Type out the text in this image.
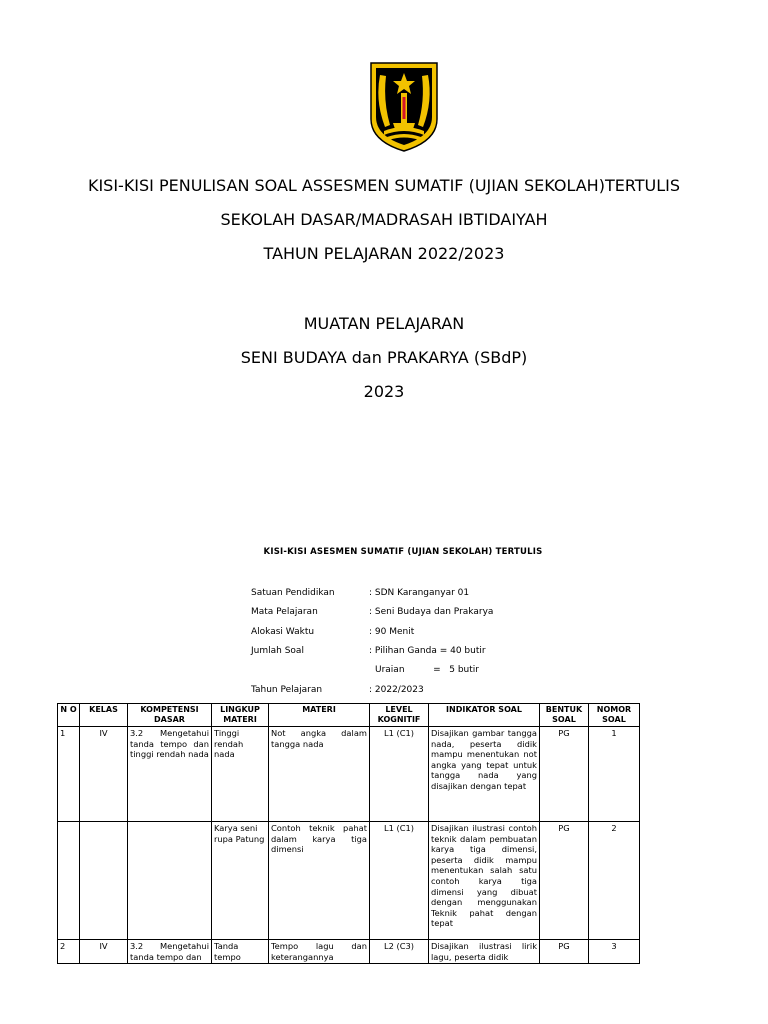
KISI-KISI PENULISAN SOAL ASSESMEN SUMATIF (UJIAN SEKOLAH)TERTULIS
SEKOLAH DASAR/MADRASAH IBTIDAIYAH
TAHUN PELAJARAN 2022/2023
MUATAN PELAJARAN
SENI BUDAYA dan PRAKARYA (SBdP)
2023
KISI-KISI ASESMEN SUMATIF (UJIAN SEKOLAH) TERTULIS
Satuan Pendidikan	: SDN Karanganyar 01
Mata Pelajaran	: Seni Budaya dan Prakarya
Alokasi Waktu	: 90 Menit
Jumlah Soal	: Pilihan Ganda = 40 butir
Uraian          =   5 butir
Tahun Pelajaran	: 2022/2023
N O	KELAS	KOMPETENSI DASAR	LINGKUP MATERI	MATERI	LEVEL KOGNITIF	INDIKATOR SOAL	BENTUK SOAL	NOMOR SOAL
1	IV	3.2 Mengetahui tanda tempo dan tinggi rendah nada	Tinggi rendah nada	Not angka dalam tangga nada	L1 (C1)	Disajikan gambar tangga nada, peserta didik mampu menentukan not angka yang tepat untuk tangga nada yang disajikan dengan tepat	PG	1
			Karya seni rupa Patung	Contoh teknik pahat dalam karya tiga dimensi	L1 (C1)	Disajikan ilustrasi contoh teknik dalam pembuatan karya tiga dimensi, peserta didik mampu menentukan salah satu contoh karya tiga dimensi yang dibuat dengan menggunakan Teknik pahat dengan tepat	PG	2
2	IV	3.2 Mengetahui tanda tempo dan	Tanda tempo	Tempo lagu dan keterangannya	L2 (C3)	Disajikan ilustrasi lirik lagu, peserta didik	PG	3
